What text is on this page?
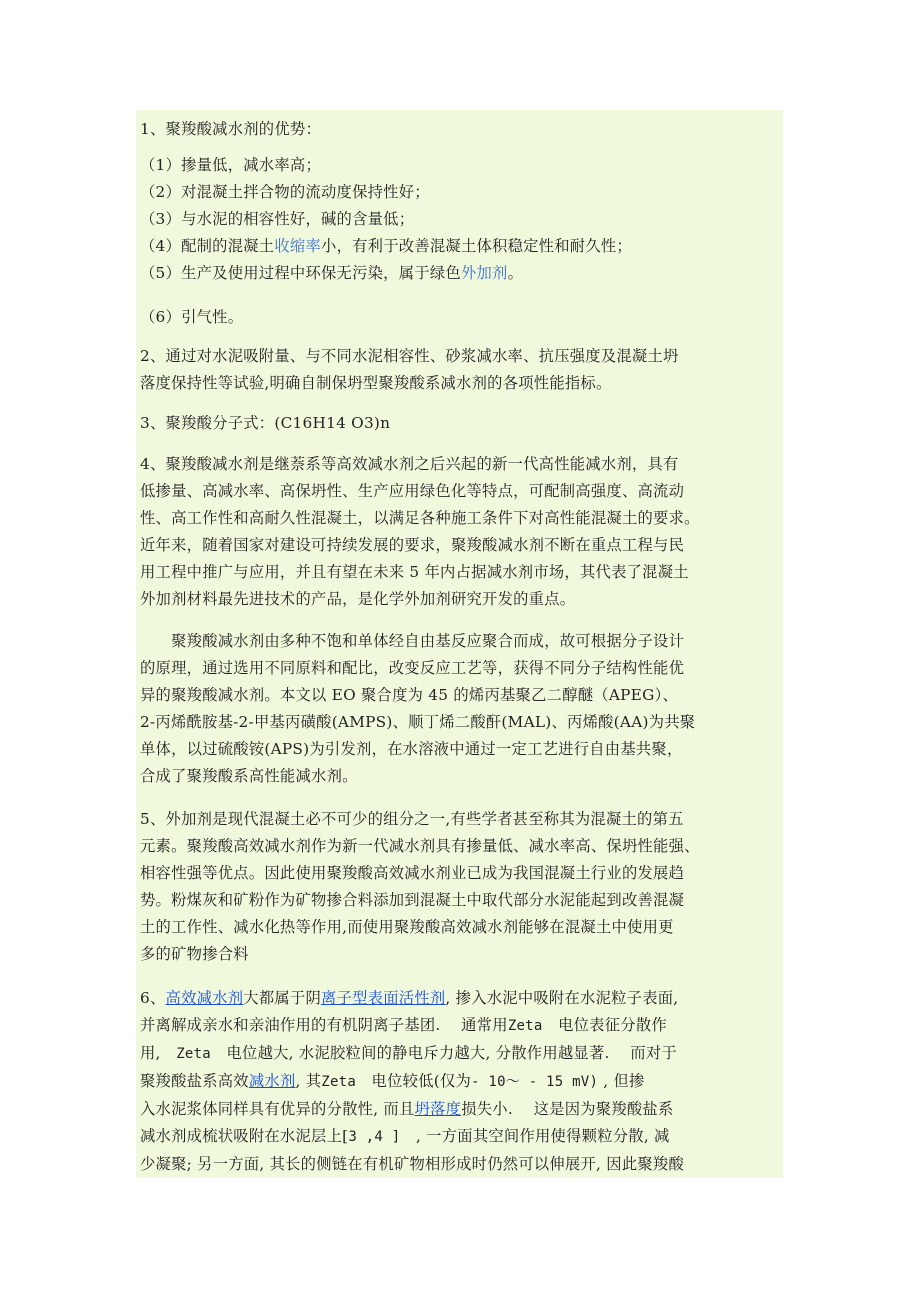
1、聚羧酸减水剂的优势：

（1）掺量低，减水率高；

（2）对混凝土拌合物的流动度保持性好；

（3）与水泥的相容性好，碱的含量低；

（4）配制的混凝土收缩率小，有利于改善混凝土体积稳定性和耐久性；

（5）生产及使用过程中环保无污染，属于绿色外加剂。

（6）引气性。

2、通过对水泥吸附量、与不同水泥相容性、砂浆减水率、抗压强度及混凝土坍

落度保持性等试验,明确自制保坍型聚羧酸系减水剂的各项性能指标。

3、聚羧酸分子式：(C16H14 O3)n

4、聚羧酸减水剂是继萘系等高效减水剂之后兴起的新一代高性能减水剂，具有

低掺量、高减水率、高保坍性、生产应用绿色化等特点，可配制高强度、高流动

性、高工作性和高耐久性混凝土，以满足各种施工条件下对高性能混凝土的要求。

近年来，随着国家对建设可持续发展的要求，聚羧酸减水剂不断在重点工程与民

用工程中推广与应用，并且有望在未来 5 年内占据减水剂市场，其代表了混凝土

外加剂材料最先进技术的产品，是化学外加剂研究开发的重点。

　　聚羧酸减水剂由多种不饱和单体经自由基反应聚合而成，故可根据分子设计

的原理，通过选用不同原料和配比，改变反应工艺等，获得不同分子结构性能优

异的聚羧酸减水剂。本文以 EO 聚合度为 45 的烯丙基聚乙二醇醚（APEG）、

2-丙烯酰胺基-2-甲基丙磺酸(AMPS)、顺丁烯二酸酐(MAL)、丙烯酸(AA)为共聚

单体，以过硫酸铵(APS)为引发剂，在水溶液中通过一定工艺进行自由基共聚，

合成了聚羧酸系高性能减水剂。

5、外加剂是现代混凝土必不可少的组分之一,有些学者甚至称其为混凝土的第五

元素。聚羧酸高效减水剂作为新一代减水剂具有掺量低、减水率高、保坍性能强、

相容性强等优点。因此使用聚羧酸高效减水剂业已成为我国混凝土行业的发展趋

势。粉煤灰和矿粉作为矿物掺合料添加到混凝土中取代部分水泥能起到改善混凝

土的工作性、减水化热等作用,而使用聚羧酸高效减水剂能够在混凝土中使用更

多的矿物掺合料

6、高效减水剂大都属于阴离子型表面活性剂, 掺入水泥中吸附在水泥粒子表面,

并离解成亲水和亲油作用的有机阴离子基团.　 通常用Zeta　电位表征分散作

用,　Zeta　电位越大, 水泥胶粒间的静电斥力越大, 分散作用越显著.　 而对于

聚羧酸盐系高效减水剂, 其Zeta　电位较低(仅为- 10～ - 15 mV) , 但掺

入水泥浆体同样具有优异的分散性, 而且坍落度损失小.　 这是因为聚羧酸盐系

减水剂成梳状吸附在水泥层上[3 ,4 ]　, 一方面其空间作用使得颗粒分散, 减

少凝聚; 另一方面, 其长的侧链在有机矿物相形成时仍然可以伸展开, 因此聚羧酸
